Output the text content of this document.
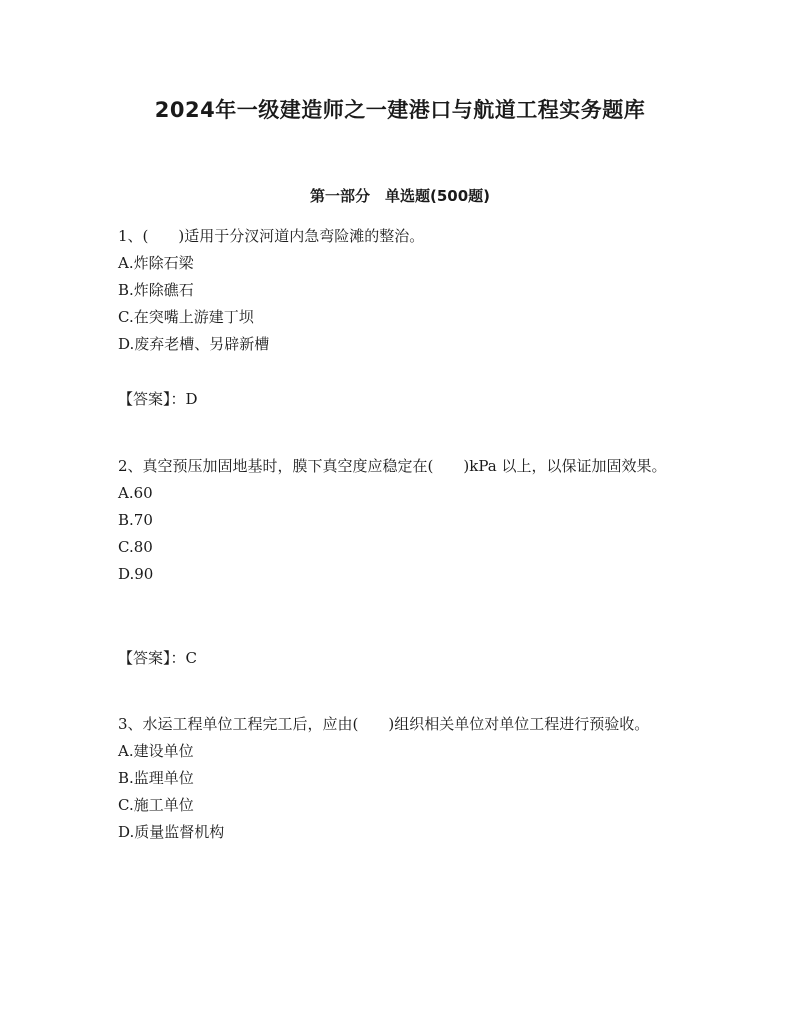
2024年一级建造师之一建港口与航道工程实务题库
第一部分　单选题(500题)

1、(　　)适用于分汊河道内急弯险滩的整治。

A.炸除石梁

B.炸除礁石

C.在突嘴上游建丁坝

D.废弃老槽、另辟新槽

【答案】：D

2、真空预压加固地基时，膜下真空度应稳定在(　　)kPa 以上，以保证加固效果。

A.60

B.70

C.80

D.90

【答案】：C

3、水运工程单位工程完工后，应由(　　)组织相关单位对单位工程进行预验收。

A.建设单位

B.监理单位

C.施工单位

D.质量监督机构
